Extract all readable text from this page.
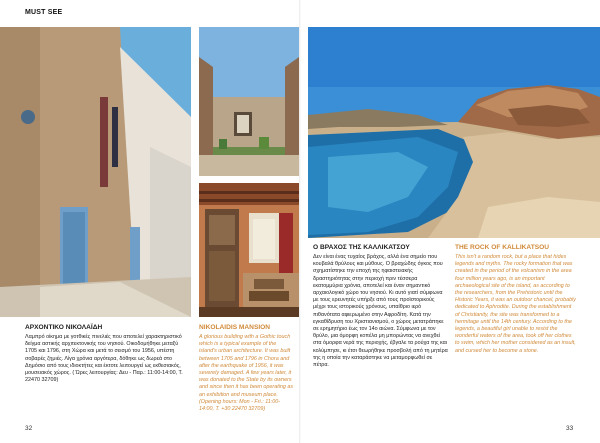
MUST SEE
ΑΡΧΟΝΤΙΚΟ ΝΙΚΟΛΑΪΔΗ
Λαμπρό οίκημα με γοτθικές πινελιές που αποτελεί χαρακτηριστικό δείγμα αστικής αρχιτεκτονικής του νησιού. Οικοδομήθηκε μεταξύ 1705 και 1796, στη Χώρα και μετά το σεισμό του 1956, υπέστη σοβαρές ζημιές. Λίγα χρόνια αργότερα, δόθηκε ως δωρεά στο Δημόσιο από τους ιδιοκτήτες και έκτοτε λειτουργεί ως εκθεσιακός, μουσειακός χώρος. ( Ώρες λειτουργίας: Δευ - Παρ.: 11:00-14:00, Τ. 22470 32709)
NIKOLAIDIS MANSION
A glorious building with a Gothic touch which is a typical example of the island's urban architecture. It was built between 1705 and 1796 in Chora and after the earthquake of 1956, it was severely damaged. A few years later, it was donated to the State by its owners and since then it has been operating as an exhibition and museum place. (Opening hours: Mon - Fri.: 11:00-14:00, T. +30 22470 32709)
32
Ο ΒΡΑΧΟΣ ΤΗΣ ΚΑΛΛΙΚΑΤΣΟΥ
Δεν είναι ένας τυχαίος βράχος, αλλά ένα σημείο που κουβαλά θρύλους και μύθους. Ο βραχώδης όγκος που σχηματίστηκε την εποχή της ηφαιστειακής δραστηριότητας στην περιοχή πριν τέσσερα εκατομμύρια χρόνια, αποτελεί και έναν σημαντικό αρχαιολογικό χώρο του νησιού. Κι αυτό γιατί σύμφωνα με τους ερευνητές υπήρξε από τους προϊστορικούς μέχρι τους ιστορικούς χρόνους, υπαίθριο ιερό πιθανότατα αφιερωμένο στην Αφροδίτη. Κατά την εγκαθίδρυση του Χριστιανισμού, ο χώρος μετατράπηκε σε ερημητήριο έως τον 14ο αιώνα. Σύμφωνα με τον θρύλο, μια όμορφη κοπέλα μη μπορώντας να ανεχθεί στα όμορφα νερά της περιοχής, έβγαλε τα ρούχα της και κολύμπησε, κι έτσι θεωρήθηκε προσβολή από τη μητέρα της η οποία την καταράστηκε να μεταμορφωθεί σε πέτρα.
THE ROCK OF KALLIKATSOU
This isn't a random rock, but a place that hides legends and myths. The rocky formation that was created in the period of the volcanism in the area four million years ago, is an important archaeological site of the island, as according to the researchers, from the Prehistoric until the Historic Years, it was an outdoor chancel, probably dedicated to Aphrodite. During the establishment of Christianity, the site was transformed to a hermitage until the 14th century. According to the legends, a beautiful girl unable to resist the wonderful waters of the area, took off her clothes to swim, which her mother considered as an insult, and cursed her to become a stone.
33
